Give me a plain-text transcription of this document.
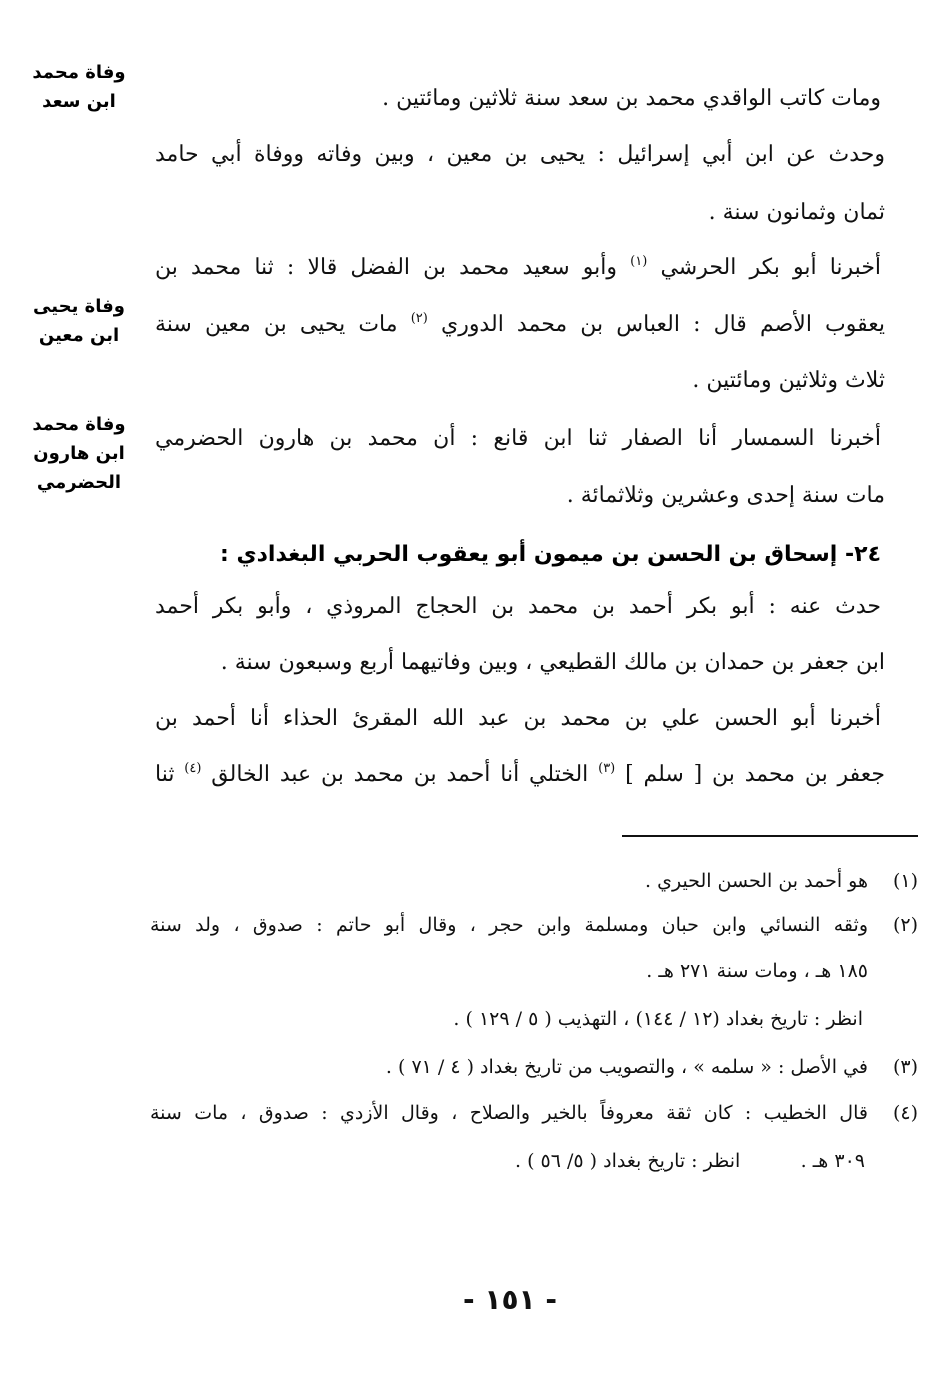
وفاة محمد
ابن سعد
وفاة يحيى
ابن معين
وفاة محمد
ابن هارون
الحضرمي
ومات كاتب الواقدي محمد بن سعد سنة ثلاثين ومائتين .
وحدث عن ابن أبي إسرائيل : يحيى بن معين ، وبين وفاته ووفاة أبي حامد
ثمان وثمانون سنة .
أخبرنا أبو بكر الحرشي $^{(١)}$ وأبو سعيد محمد بن الفضل قالا : ثنا محمد بن
يعقوب الأصم قال : العباس بن محمد الدوري $^{(٢)}$ مات يحيى بن معين سنة
ثلاث وثلاثين ومائتين .
أخبرنا السمسار أنا الصفار ثنا ابن قانع : أن محمد بن هارون الحضرمي
مات سنة إحدى وعشرين وثلاثمائة .
٢٤- إسحاق بن الحسن بن ميمون أبو يعقوب الحربي البغدادي :
حدث عنه : أبو بكر أحمد بن محمد بن الحجاج المروذي ، وأبو بكر أحمد
ابن جعفر بن حمدان بن مالك القطيعي ، وبين وفاتيهما أربع وسبعون سنة .
أخبرنا أبو الحسن علي بن محمد بن عبد الله المقرئ الحذاء أنا أحمد بن
جعفر بن محمد بن [ سلم ] $^{(٣)}$ الختلي أنا أحمد بن محمد بن عبد الخالق $^{(٤)}$ ثنا
(١)
هو أحمد بن الحسن الحيري .
(٢)
وثقه النسائي وابن حبان ومسلمة وابن حجر ، وقال أبو حاتم : صدوق ، ولد سنة
١٨٥ هـ ، ومات سنة ٢٧١ هـ .
انظر : تاريخ بغداد (١٢ / ١٤٤) ، التهذيب ( ٥ / ١٢٩ ) .
(٣)
في الأصل : « سلمه » ، والتصويب من تاريخ بغداد ( ٤ / ٧١ ) .
(٤)
قال الخطيب : كان ثقة معروفاً بالخير والصلاح ، وقال الأزدي : صدوق ، مات سنة
٣٠٩ هـ .          انظر : تاريخ بغداد ( ٥/ ٥٦ ) .
- ١٥١ -
